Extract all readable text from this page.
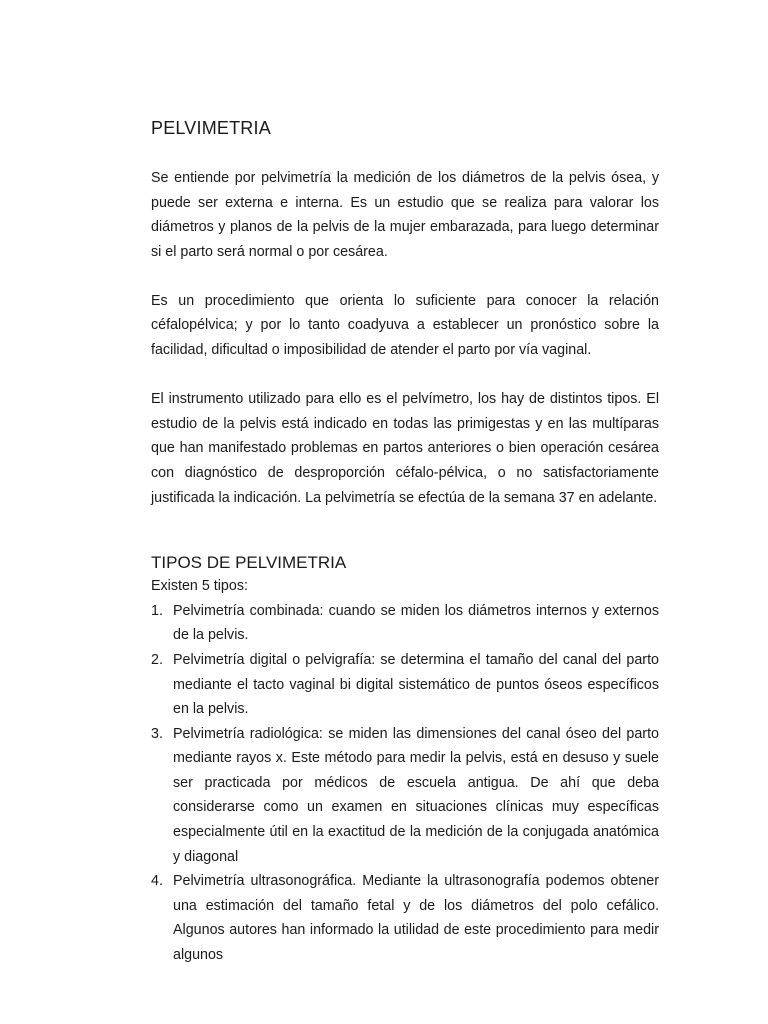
PELVIMETRIA

Se entiende por pelvimetría la medición de los diámetros de la pelvis ósea, y puede ser externa e interna. Es un estudio que se realiza para valorar los diámetros y planos de la pelvis de la mujer embarazada, para luego determinar si el parto será normal o por cesárea.

Es un procedimiento que orienta lo suficiente para conocer la relación céfalopélvica; y por lo tanto coadyuva a establecer un pronóstico sobre la facilidad, dificultad o imposibilidad de atender el parto por vía vaginal.

El instrumento utilizado para ello es el pelvímetro, los hay de distintos tipos. El estudio de la pelvis está indicado en todas las primigestas y en las multíparas que han manifestado problemas en partos anteriores o bien operación cesárea con diagnóstico de desproporción céfalo-pélvica, o no satisfactoriamente justificada la indicación. La pelvimetría se efectúa de la semana 37 en adelante.

TIPOS DE PELVIMETRIA

Existen 5 tipos:

1. Pelvimetría combinada: cuando se miden los diámetros internos y externos de la pelvis.
2. Pelvimetría digital o pelvigrafía: se determina el tamaño del canal del parto mediante el tacto vaginal bi digital sistemático de puntos óseos específicos en la pelvis.
3. Pelvimetría radiológica: se miden las dimensiones del canal óseo del parto mediante rayos x. Este método para medir la pelvis, está en desuso y suele ser practicada por médicos de escuela antigua. De ahí que deba considerarse como un examen en situaciones clínicas muy específicas especialmente útil en la exactitud de la medición de la conjugada anatómica y diagonal
4. Pelvimetría ultrasonográfica. Mediante la ultrasonografía podemos obtener una estimación del tamaño fetal y de los diámetros del polo cefálico. Algunos autores han informado la utilidad de este procedimiento para medir algunos
